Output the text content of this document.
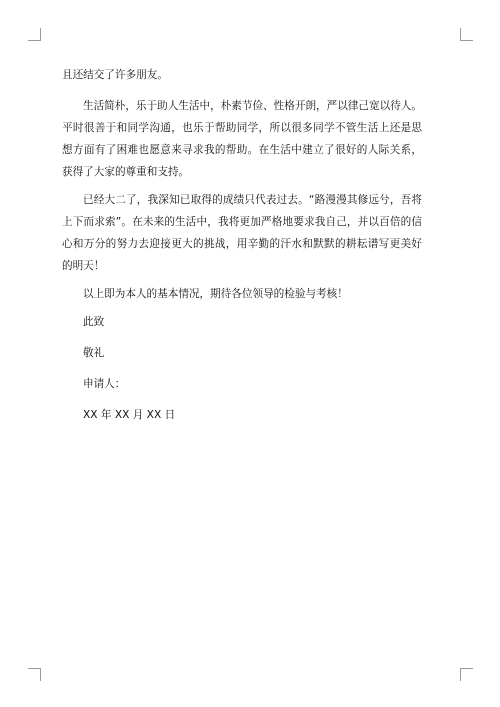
且还结交了许多朋友。

生活简朴，乐于助人生活中，朴素节俭、性格开朗，严以律己宽以待人。平时很善于和同学沟通，也乐于帮助同学，所以很多同学不管生活上还是思想方面有了困难也愿意来寻求我的帮助。在生活中建立了很好的人际关系，获得了大家的尊重和支持。

已经大二了，我深知已取得的成绩只代表过去。“路漫漫其修远兮，吾将上下而求索”。在未来的生活中，我将更加严格地要求我自己，并以百倍的信心和万分的努力去迎接更大的挑战，用辛勤的汗水和默默的耕耘谱写更美好的明天！

以上即为本人的基本情况，期待各位领导的检验与考核！

此致

敬礼

申请人：

XX 年 XX 月 XX 日
